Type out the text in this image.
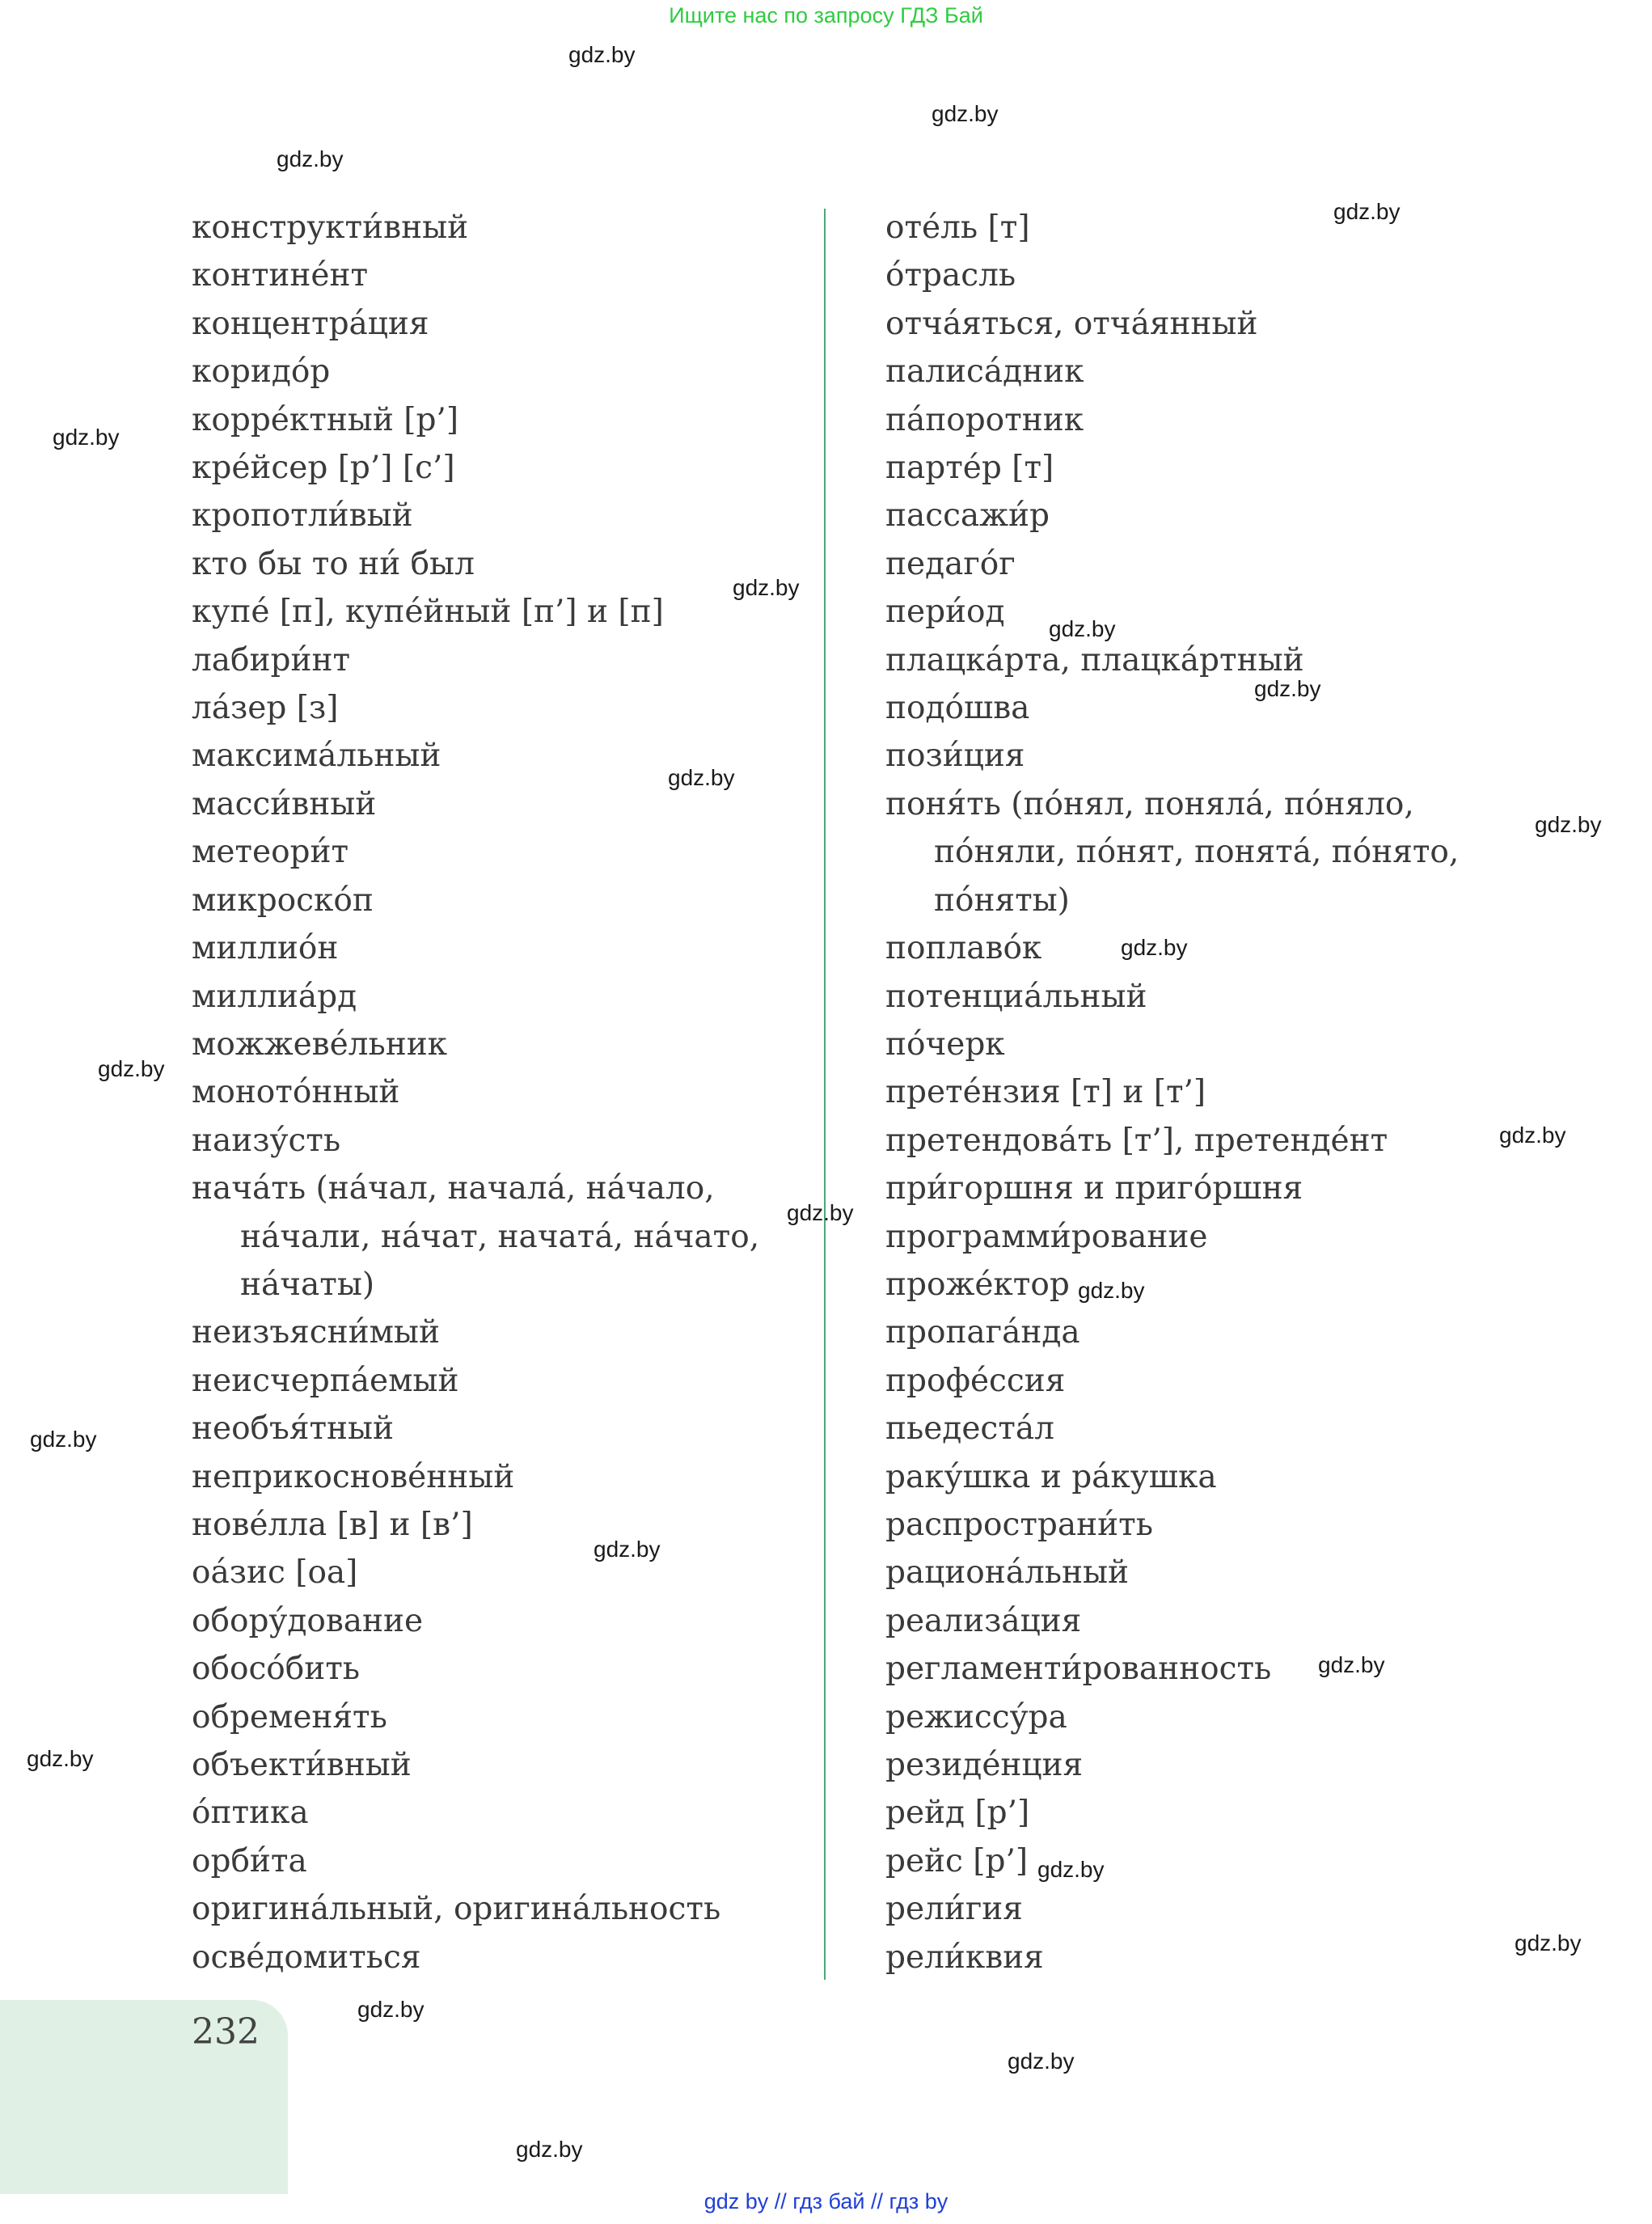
Ищите нас по запросу ГДЗ Бай
конструкти́вный
контине́нт
концентра́ция
коридо́р
корре́ктный [р’]
кре́йсер [р’] [с’]
кропотли́вый
кто бы то ни́ был
купе́ [п], купе́йный [п’] и [п]
лабири́нт
ла́зер [з]
максима́льный
масси́вный
метеори́т
микроско́п
миллио́н
миллиа́рд
можжеве́льник
моното́нный
наизу́сть
нача́ть (на́чал, начала́, на́чало,
на́чали, на́чат, начата́, на́чато,
на́чаты)
неизъясни́мый
неисчерпа́емый
необъя́тный
неприкоснове́нный
нове́лла [в] и [в’]
оа́зис [оа]
обору́дование
обосо́бить
обременя́ть
объекти́вный
о́птика
орби́та
оригина́льный, оригина́льность
осве́домиться
оте́ль [т]
о́трасль
отча́яться, отча́янный
палиса́дник
па́поротник
парте́р [т]
пассажи́р
педаго́г
пери́од
плацка́рта, плацка́ртный
подо́шва
пози́ция
поня́ть (по́нял, поняла́, по́няло,
по́няли, по́нят, понята́, по́нято,
по́няты)
поплаво́к
потенциа́льный
по́черк
прете́нзия [т] и [т’]
претендова́ть [т’], претенде́нт
при́горшня и приго́ршня
программи́рование
прожéктор
пропага́нда
профе́ссия
пьедеста́л
раку́шка и ра́кушка
распространи́ть
рациона́льный
реализа́ция
регламенти́рованность
режиссу́ра
резиде́нция
рейд [р’]
рейс [р’]
рели́гия
рели́квия
232
gdz.by
gdz.by
gdz.by
gdz.by
gdz.by
gdz.by
gdz.by
gdz.by
gdz.by
gdz.by
gdz.by
gdz.by
gdz.by
gdz.by
gdz.by
gdz.by
gdz.by
gdz.by
gdz.by
gdz.by
gdz.by
gdz.by
gdz.by
gdz.by
gdz by // гдз бай // гдз by
